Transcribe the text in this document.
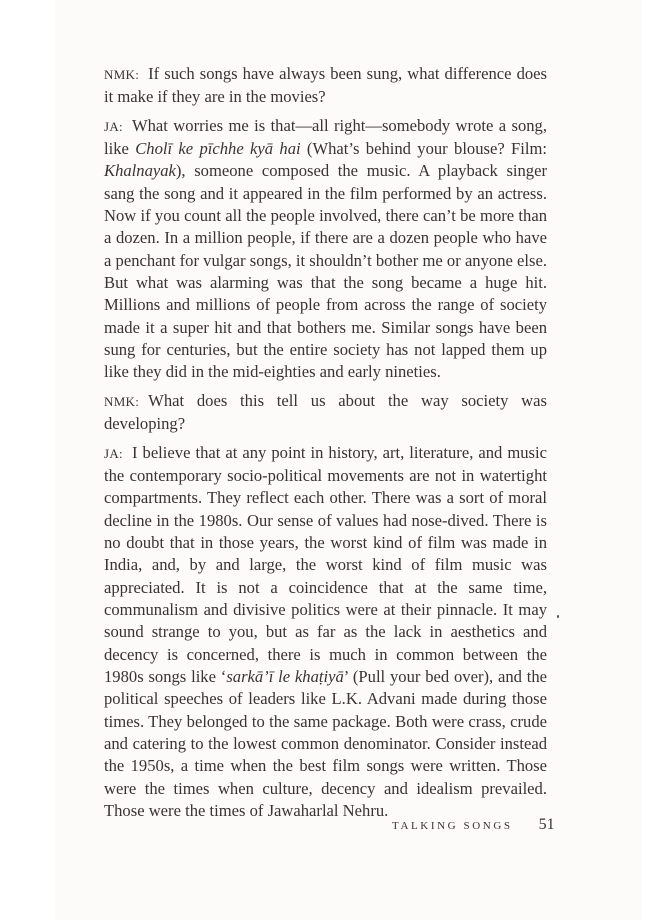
NMK: If such songs have always been sung, what difference does it make if they are in the movies?

JA: What worries me is that—all right—somebody wrote a song, like Cholī ke pīchhe kyā hai (What’s behind your blouse? Film: Khalnayak), someone composed the music. A playback singer sang the song and it appeared in the film performed by an actress. Now if you count all the people involved, there can’t be more than a dozen. In a million people, if there are a dozen people who have a penchant for vulgar songs, it shouldn’t bother me or anyone else. But what was alarming was that the song became a huge hit. Millions and millions of people from across the range of society made it a super hit and that bothers me. Similar songs have been sung for centuries, but the entire society has not lapped them up like they did in the mid-eighties and early nineties.

NMK: What does this tell us about the way society was developing?

JA: I believe that at any point in history, art, literature, and music the contemporary socio-political movements are not in watertight compartments. They reflect each other. There was a sort of moral decline in the 1980s. Our sense of values had nose-dived. There is no doubt that in those years, the worst kind of film was made in India, and, by and large, the worst kind of film music was appreciated. It is not a coincidence that at the same time, communalism and divisive politics were at their pinnacle. It may sound strange to you, but as far as the lack in aesthetics and decency is concerned, there is much in common between the 1980s songs like ‘sarkā’ī le khaṭiyā’ (Pull your bed over), and the political speeches of leaders like L.K. Advani made during those times. They belonged to the same package. Both were crass, crude and catering to the lowest common denominator. Consider instead the 1950s, a time when the best film songs were written. Those were the times when culture, decency and idealism prevailed. Those were the times of Jawaharlal Nehru.

TALKING SONGS 51
